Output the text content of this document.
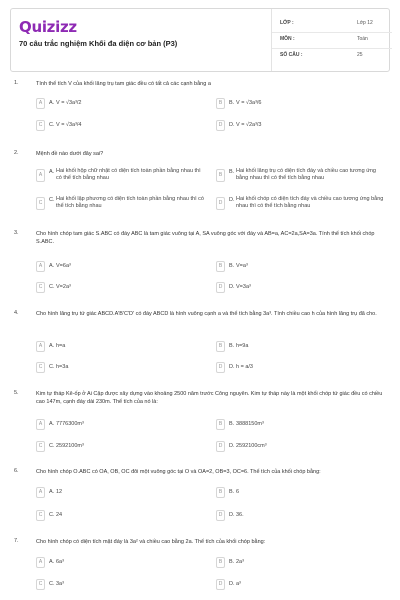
Quizizz
70 câu trắc nghiệm Khối đa diện cơ bản (P3)
LỚP :	Lớp 12
MÔN :	Toán
SỐ CÂU :	25
1.	Tính thể tích V của khối lăng trụ tam giác đều có tất cả các cạnh bằng a
A	A. V = √3a³/2	B	B. V = √3a³/6
C	C. V = √3a³/4	D	D. V = √2a³/3
2.	Mệnh đề nào dưới đây sai?
A	A. Hai khối hộp chữ nhật có diện tích toàn phần bằng nhau thì có thể tích bằng nhau	B	B. Hai khối lăng trụ có diện tích đáy và chiều cao tương ứng bằng nhau thì có thể tích bằng nhau
C	C. Hai khối lập phương có diện tích toàn phần bằng nhau thì có thể tích bằng nhau	D	D. Hai khối chóp có diện tích đáy và chiều cao tương ứng bằng nhau thì có thể tích bằng nhau
3.	Cho hình chóp tam giác S.ABC có đáy ABC là tam giác vuông tại A, SA vuông góc với đáy và AB=a, AC=2a,SA=3a. Tính thể tích khối chóp S.ABC.
A	A. V=6a³	B	B. V=a³
C	C. V=2a³	D	D. V=3a³
4.	Cho hình lăng trụ tứ giác ABCD.A'B'C'D' có đáy ABCD là hình vuông cạnh a và thể tích bằng 3a³. Tính chiều cao h của hình lăng trụ đã cho.
A	A. h=a	B	B. h=9a
C	C. h=3a	D	D. h = a/3
5.	Kim tự tháp Kê-ốp ở Ai Cập được xây dựng vào khoảng 2500 năm trước Công nguyên. Kim tự tháp này là một khối chóp tứ giác đều có chiều cao 147m, cạnh đáy dài 230m. Thể tích của nó là:
A	A. 7776300m³	B	B. 3888150m³
C	C. 2592100m³	D	D. 2592100cm³
6.	Cho hình chóp O.ABC có OA, OB, OC đôi một vuông góc tại O và OA=2, OB=3, OC=6. Thể tích của khối chóp bằng:
A	A. 12	B	B. 6
C	C. 24	D	D. 36.
7.	Cho hình chóp có diện tích mặt đáy là 3a² và chiều cao bằng 2a. Thể tích của khối chóp bằng:
A	A. 6a³	B	B. 2a³
C	C. 3a³	D	D. a³
